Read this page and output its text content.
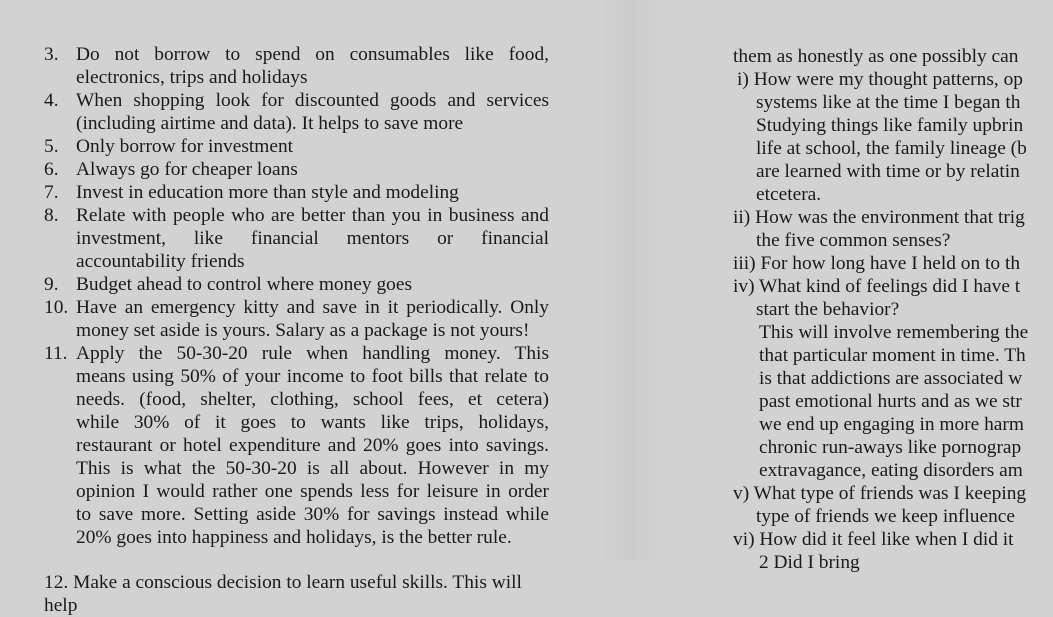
3. Do not borrow to spend on consumables like food,
electronics, trips and holidays
4. When shopping look for discounted goods and services
(including airtime and data). It helps to save more
5. Only borrow for investment
6. Always go for cheaper loans
7. Invest in education more than style and modeling
8. Relate with people who are better than you in business and
investment, like financial mentors or financial
accountability friends
9. Budget ahead to control where money goes
10. Have an emergency kitty and save in it periodically. Only
money set aside is yours. Salary as a package is not yours!
11. Apply the 50-30-20 rule when handling money. This
means using 50% of your income to foot bills that relate to
needs. (food, shelter, clothing, school fees, et cetera)
while 30% of it goes to wants like trips, holidays,
restaurant or hotel expenditure and 20% goes into savings.
This is what the 50-30-20 is all about. However in my
opinion I would rather one spends less for leisure in order
to save more. Setting aside 30% for savings instead while
20% goes into happiness and holidays, is the better rule.
12. Make a conscious decision to learn useful skills. This will help
them as honestly as one possibly can
i) How were my thought patterns, op
systems like at the time I began th
Studying things like family upbrin
life at school, the family lineage (b
are learned with time or by relatin
etcetera.
ii) How was the environment that trig
the five common senses?
iii) For how long have I held on to th
iv) What kind of feelings did I have t
start the behavior?
This will involve remembering the
that particular moment in time. Th
is that addictions are associated w
past emotional hurts and as we str
we end up engaging in more harm
chronic run-aways like pornograp
extravagance, eating disorders am
v) What type of friends was I keeping
type of friends we keep influence
vi) How did it feel like when I did it
2 Did I bring
